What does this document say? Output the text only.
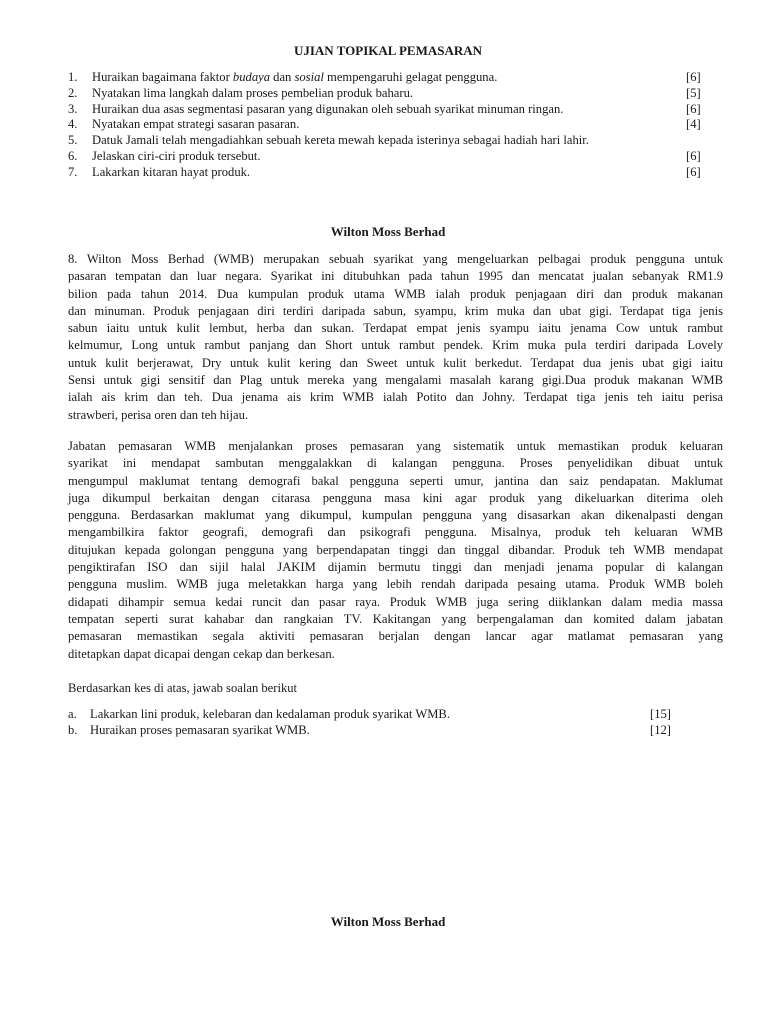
UJIAN TOPIKAL PEMASARAN
1.	Huraikan bagaimana faktor budaya dan sosial mempengaruhi gelagat pengguna.	[6]
2.	Nyatakan lima langkah dalam proses pembelian produk baharu.	[5]
3.	Huraikan dua asas segmentasi pasaran yang digunakan oleh sebuah syarikat minuman ringan.	[6]
4.	Nyatakan empat strategi sasaran pasaran.	[4]
5.	Datuk Jamali telah mengadiahkan sebuah kereta mewah kepada isterinya sebagai hadiah hari lahir.
6.	Jelaskan ciri-ciri produk tersebut.	[6]
7.	Lakarkan kitaran hayat produk.	[6]
Wilton Moss Berhad
8. Wilton Moss Berhad (WMB) merupakan sebuah syarikat yang mengeluarkan pelbagai produk pengguna untuk
pasaran tempatan dan luar negara. Syarikat ini ditubuhkan pada tahun 1995 dan mencatat jualan sebanyak RM1.9
bilion pada tahun 2014. Dua kumpulan produk utama WMB ialah produk penjagaan diri dan produk makanan
dan minuman. Produk penjagaan diri terdiri daripada sabun, syampu, krim muka dan ubat gigi. Terdapat tiga jenis
sabun iaitu untuk kulit lembut, herba dan sukan. Terdapat empat jenis syampu iaitu jenama Cow untuk rambut
kelmumur, Long untuk rambut panjang dan Short untuk rambut pendek. Krim muka pula terdiri daripada Lovely
untuk kulit berjerawat, Dry untuk kulit kering dan Sweet untuk kulit berkedut. Terdapat dua jenis ubat gigi iaitu
Sensi untuk gigi sensitif dan Plag untuk mereka yang mengalami masalah karang gigi.Dua produk makanan WMB
ialah ais krim dan teh. Dua jenama ais krim WMB ialah Potito dan Johny. Terdapat tiga jenis teh iaitu perisa
strawberi, perisa oren dan teh hijau.
Jabatan pemasaran WMB menjalankan proses pemasaran yang sistematik untuk memastikan produk keluaran
syarikat ini mendapat sambutan menggalakkan di kalangan pengguna. Proses penyelidikan dibuat untuk
mengumpul maklumat tentang demografi bakal pengguna seperti umur, jantina dan saiz pendapatan. Maklumat
juga dikumpul berkaitan dengan citarasa pengguna masa kini agar produk yang dikeluarkan diterima oleh
pengguna. Berdasarkan maklumat yang dikumpul, kumpulan pengguna yang disasarkan akan dikenalpasti dengan
mengambilkira faktor geografi, demografi dan psikografi pengguna. Misalnya, produk teh keluaran WMB
ditujukan kepada golongan pengguna yang berpendapatan tinggi dan tinggal dibandar. Produk teh WMB mendapat
pengiktirafan ISO dan sijil halal JAKIM dijamin bermutu tinggi dan menjadi jenama popular di kalangan
pengguna muslim. WMB juga meletakkan harga yang lebih rendah daripada pesaing utama. Produk WMB boleh
didapati dihampir semua kedai runcit dan pasar raya. Produk WMB juga sering diiklankan dalam media massa
tempatan seperti surat kahabar dan rangkaian TV. Kakitangan yang berpengalaman dan komited dalam jabatan
pemasaran memastikan segala aktiviti pemasaran berjalan dengan lancar agar matlamat pemasaran yang
ditetapkan dapat dicapai dengan cekap dan berkesan.
Berdasarkan kes di atas, jawab soalan berikut
a.	Lakarkan lini produk, kelebaran dan kedalaman produk syarikat WMB.	[15]
b. Huraikan proses pemasaran syarikat WMB.	[12]
Wilton Moss Berhad
